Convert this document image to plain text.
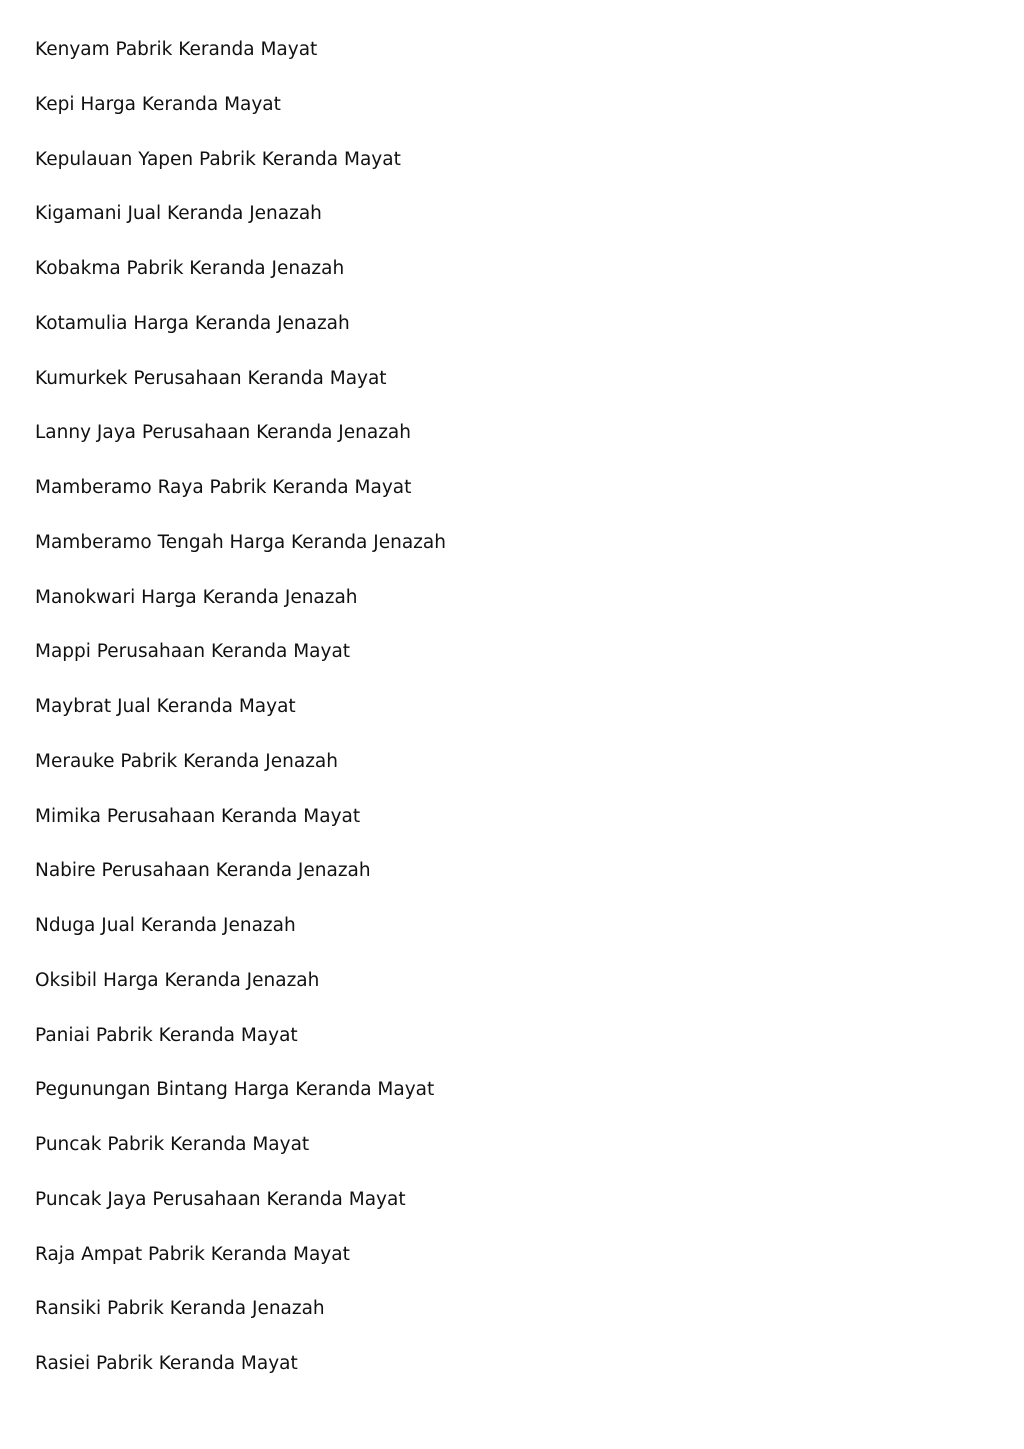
Kenyam Pabrik Keranda Mayat
Kepi Harga Keranda Mayat
Kepulauan Yapen Pabrik Keranda Mayat
Kigamani Jual Keranda Jenazah
Kobakma Pabrik Keranda Jenazah
Kotamulia Harga Keranda Jenazah
Kumurkek Perusahaan Keranda Mayat
Lanny Jaya Perusahaan Keranda Jenazah
Mamberamo Raya Pabrik Keranda Mayat
Mamberamo Tengah Harga Keranda Jenazah
Manokwari Harga Keranda Jenazah
Mappi Perusahaan Keranda Mayat
Maybrat Jual Keranda Mayat
Merauke Pabrik Keranda Jenazah
Mimika Perusahaan Keranda Mayat
Nabire Perusahaan Keranda Jenazah
Nduga Jual Keranda Jenazah
Oksibil Harga Keranda Jenazah
Paniai Pabrik Keranda Mayat
Pegunungan Bintang Harga Keranda Mayat
Puncak Pabrik Keranda Mayat
Puncak Jaya Perusahaan Keranda Mayat
Raja Ampat Pabrik Keranda Mayat
Ransiki Pabrik Keranda Jenazah
Rasiei Pabrik Keranda Mayat
